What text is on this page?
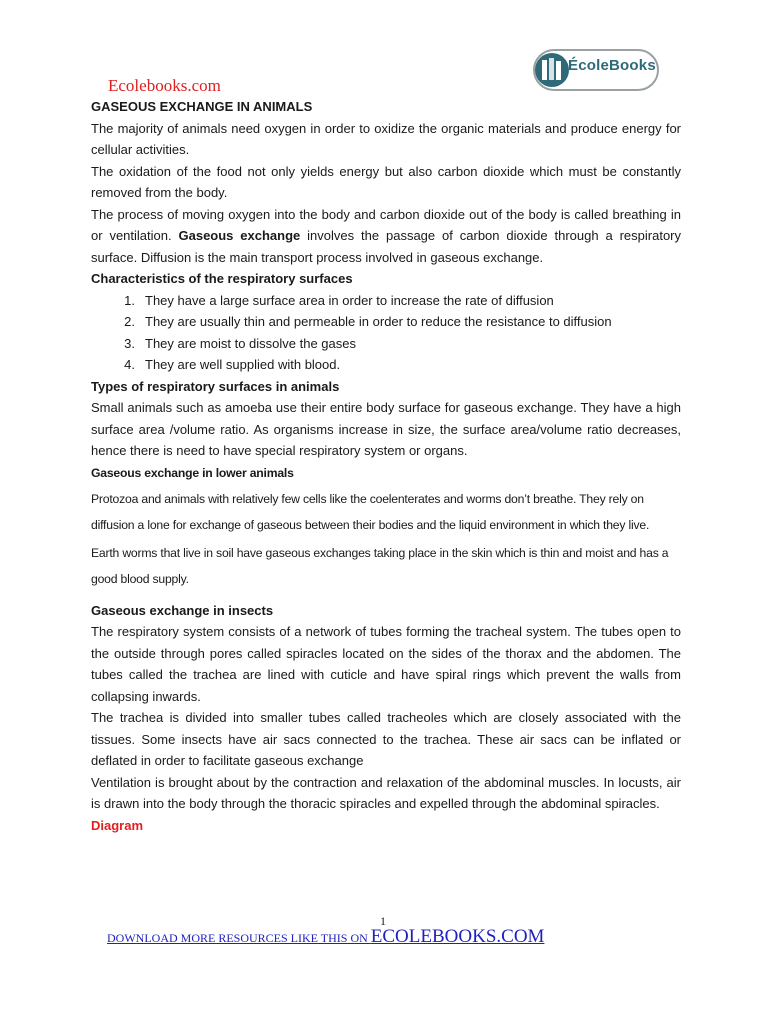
Ecolebooks.com
ÉcoleBooks
GASEOUS EXCHANGE IN ANIMALS

The majority of animals need oxygen in order to oxidize the organic materials and produce energy for cellular activities.

The oxidation of the food not only yields energy but also carbon dioxide which must be constantly removed from the body.

The process of moving oxygen into the body and carbon dioxide out of the body is called breathing in or ventilation. Gaseous exchange involves the passage of carbon dioxide through a respiratory surface. Diffusion is the main transport process involved in gaseous exchange.

Characteristics of the respiratory surfaces
1. They have a large surface area in order to increase the rate of diffusion
2. They are usually thin and permeable in order to reduce the resistance to diffusion
3. They are moist to dissolve the gases
4. They are well supplied with blood.
Types of respiratory surfaces in animals

Small animals such as amoeba use their entire body surface for gaseous exchange. They have a high surface area /volume ratio. As organisms increase in size, the surface area/volume ratio decreases, hence there is need to have special respiratory system or organs.

Gaseous exchange in lower animals

Protozoa and animals with relatively few cells like the coelenterates and worms don’t breathe. They rely on diffusion a lone for exchange of gaseous between their bodies and the liquid environment in which they live.

Earth worms that live in soil have gaseous exchanges taking place in the skin which is thin and moist and has a good blood supply.

Gaseous exchange in insects

The respiratory system consists of a network of tubes forming the tracheal system. The tubes open to the outside through pores called spiracles located on the sides of the thorax and the abdomen. The tubes called the trachea are lined with cuticle and have spiral rings which prevent the walls from collapsing inwards.

The trachea is divided into smaller tubes called tracheoles which are closely associated with the tissues. Some insects have air sacs connected to the trachea. These air sacs can be inflated or deflated in order to facilitate gaseous exchange

Ventilation is brought about by the contraction and relaxation of the abdominal muscles. In locusts, air is drawn into the body through the thoracic spiracles and expelled through the abdominal spiracles.

Diagram
1
DOWNLOAD MORE RESOURCES LIKE THIS ON ECOLEBOOKS.COM
